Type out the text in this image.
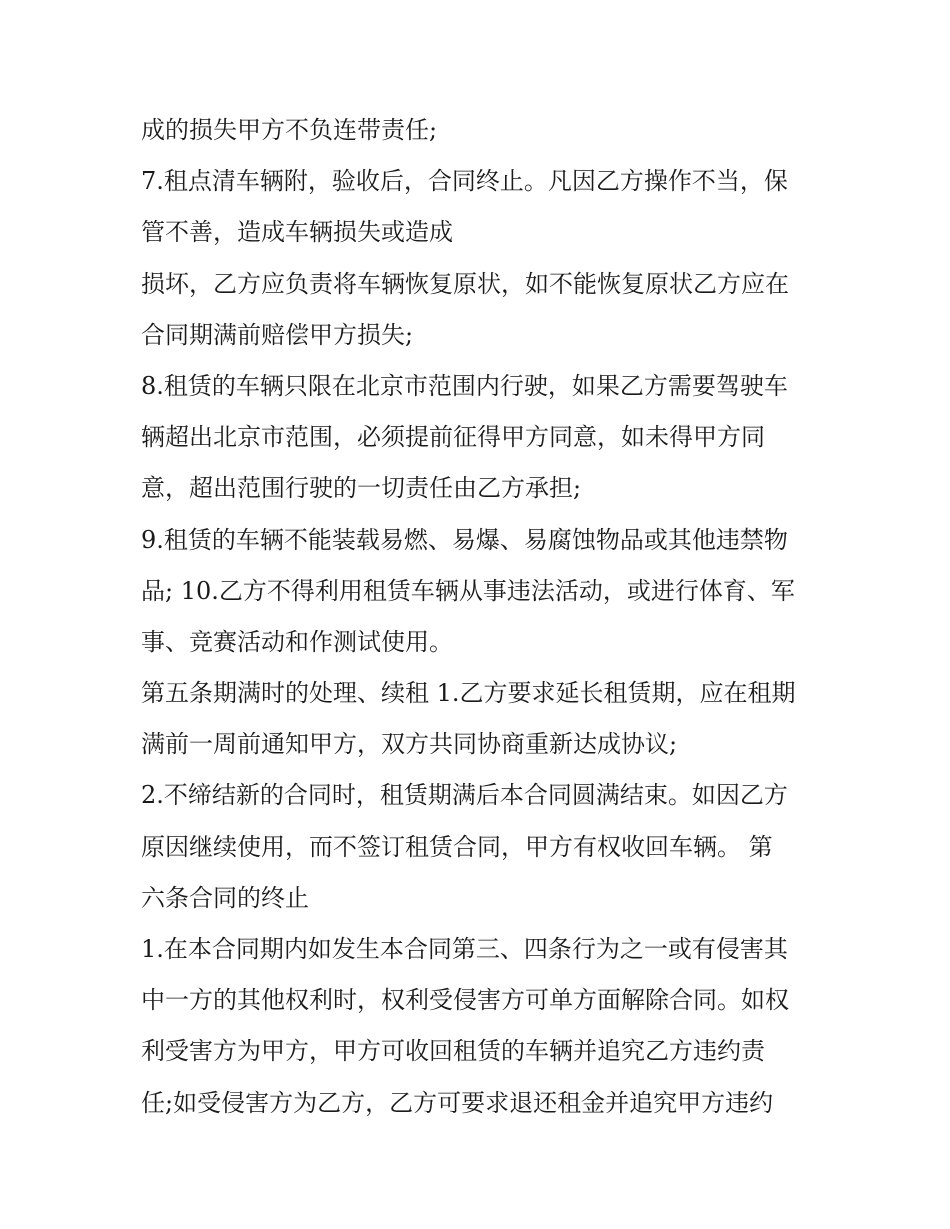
成的损失甲方不负连带责任;
7.租点清车辆附，验收后，合同终止。凡因乙方操作不当，保
管不善，造成车辆损失或造成
损坏，乙方应负责将车辆恢复原状，如不能恢复原状乙方应在
合同期满前赔偿甲方损失;
8.租赁的车辆只限在北京市范围内行驶，如果乙方需要驾驶车
辆超出北京市范围，必须提前征得甲方同意，如未得甲方同
意，超出范围行驶的一切责任由乙方承担;
9.租赁的车辆不能装载易燃、易爆、易腐蚀物品或其他违禁物
品; 10.乙方不得利用租赁车辆从事违法活动，或进行体育、军
事、竞赛活动和作测试使用。
第五条期满时的处理、续租 1.乙方要求延长租赁期，应在租期
满前一周前通知甲方，双方共同协商重新达成协议;
2.不缔结新的合同时，租赁期满后本合同圆满结束。如因乙方
原因继续使用，而不签订租赁合同，甲方有权收回车辆。 第
六条合同的终止
1.在本合同期内如发生本合同第三、四条行为之一或有侵害其
中一方的其他权利时，权利受侵害方可单方面解除合同。如权
利受害方为甲方，甲方可收回租赁的车辆并追究乙方违约责
任;如受侵害方为乙方，乙方可要求退还租金并追究甲方违约
